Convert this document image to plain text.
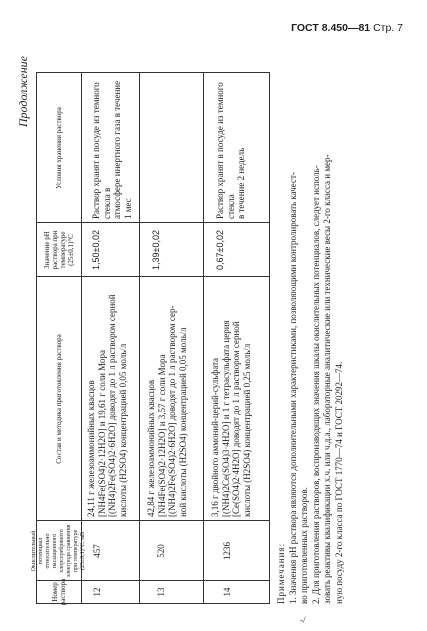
ГОСТ 8.450—81 Стр. 7
Продолжение
Номер раствора
Окислительный потенциал относительно насыщенного хлорсеребряного электрода сравнения при температуре (25±0,1)°С, мВ
Состав и методика приготовления раствора
Значение pH раствора при температуре (25±0,1)°С
Условия хранения раствора
12
457
24,11 г железоаммонийных квасцов [NH4Fe(SO4)2·12H2O] и 19,61 г соли Мора [(NH4)2Fe(SO4)2·6H2O] доводят до 1 л раствором серной кислоты (H2SO4) концентрацией 0,05 моль/л
1,50±0,02
Раствор хранят в посуде из темного стекла в атмосфере инертного газа в течение 1 мес
13
520
42,84 г железоаммонийных квасцов [NH4Fe(SO4)2·12H2O] и 3,57 г соли Мора [(NH4)2Fe(SO4)2·6H2O] доводят до 1 л раствором сер- ной кислоты (H2SO4) концентрацией 0,05 моль/л
1,39±0,02
14
1236
3,16 г двойного аммоний-церий-сульфата [(NH4)2Ce(SO4)3·4H2O] и 1 г тетрасульфата церия [Ce(SO4)2·4H2O] доводят до 1 л раствором серной кислоты (H2SO4) концентрацией 0,25 моль/л
0,67±0,02
Раствор хранят в посуде из темного стекла в течение 2 недель
Примечания: 1. Значения pH раствора являются дополнительными характеристиками, позволяющими контролировать качест- во приготовленных растворов. 2. Для приготовления растворов, воспроизводящих значения шкалы окислительных потенциалов, следует исполь- зовать реактивы квалификации х.ч. или ч.д.а., лабораторные аналитические или технические весы 2-го класса и мер- ную посуду 2-го класса по ГОСТ 1770—74 и ГОСТ 20292—74.
-/
